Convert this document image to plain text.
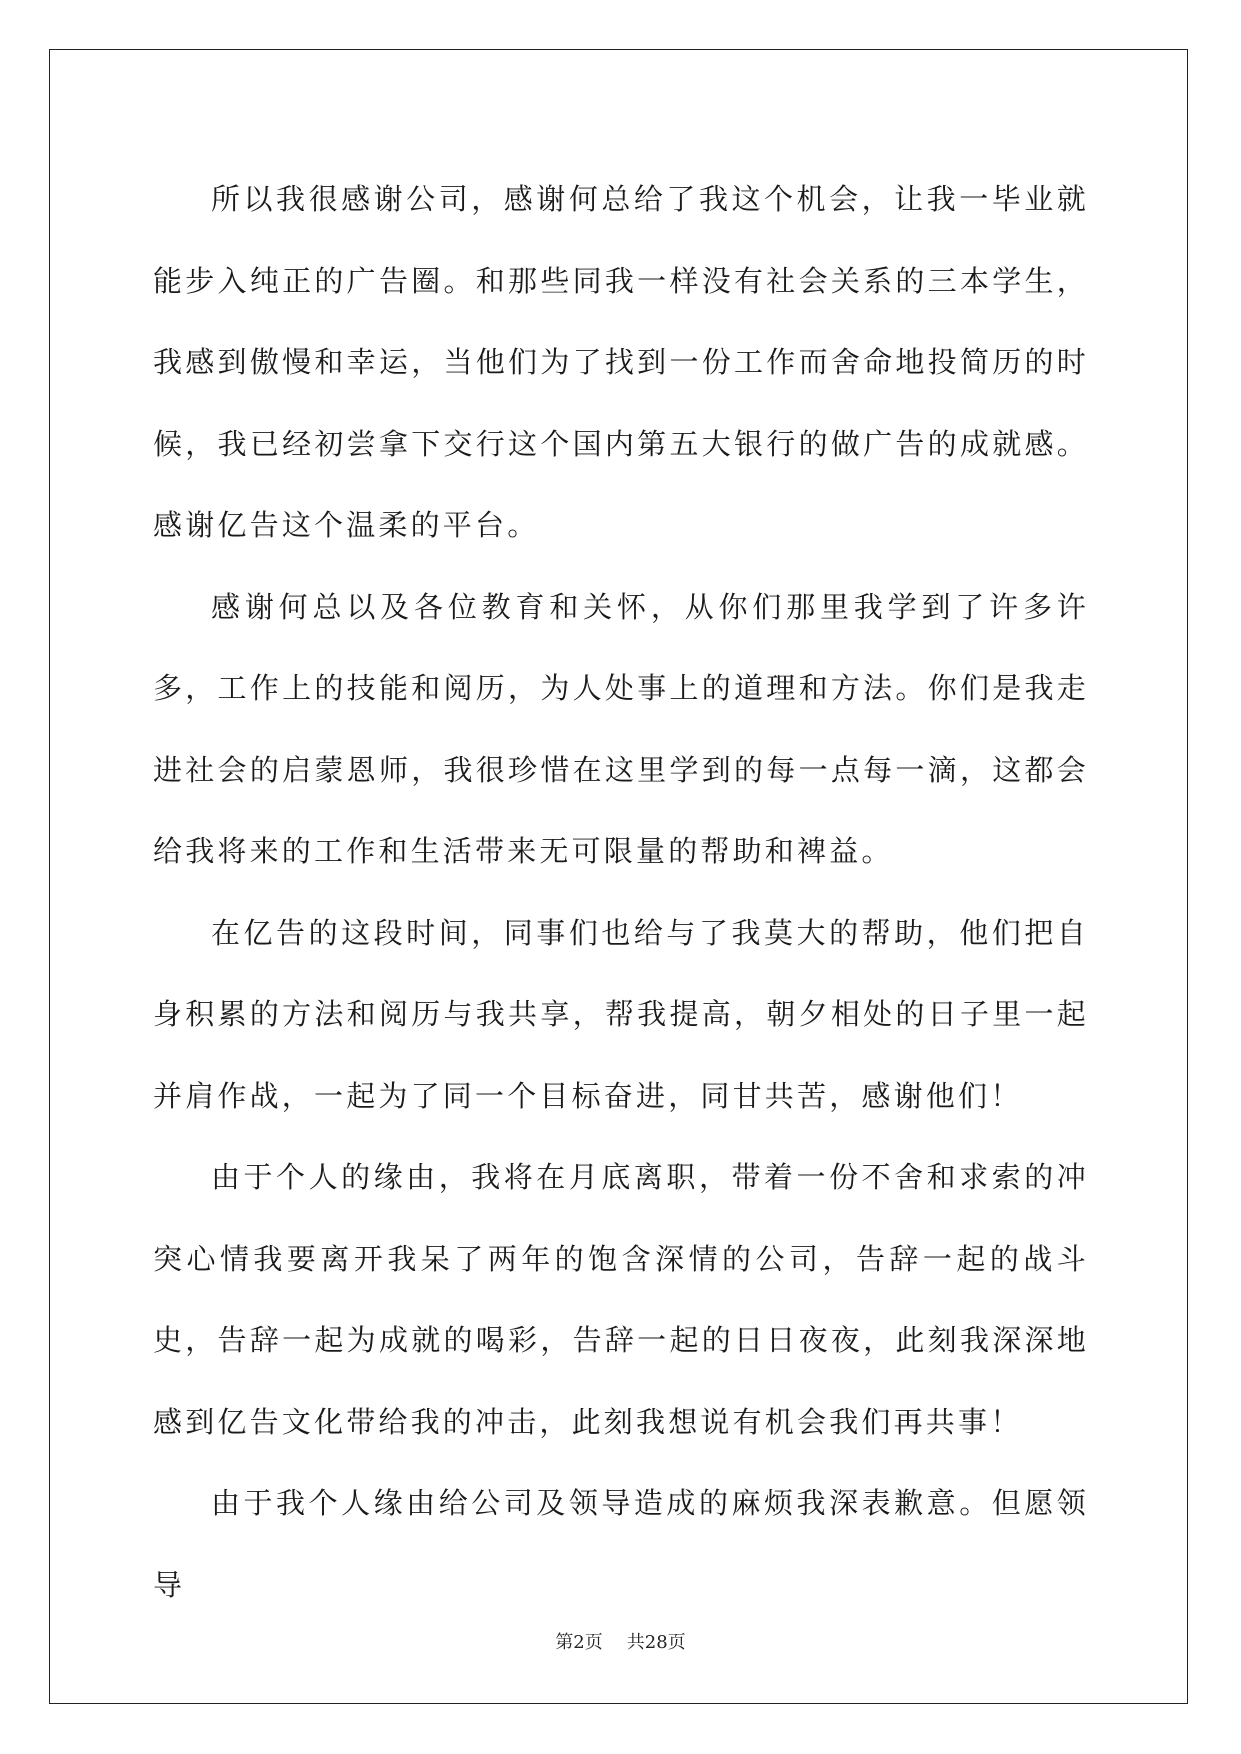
所以我很感谢公司，感谢何总给了我这个机会，让我一毕业就能步入纯正的广告圈。和那些同我一样没有社会关系的三本学生，我感到傲慢和幸运，当他们为了找到一份工作而舍命地投简历的时候，我已经初尝拿下交行这个国内第五大银行的做广告的成就感。感谢亿告这个温柔的平台。

感谢何总以及各位教育和关怀，从你们那里我学到了许多许多，工作上的技能和阅历，为人处事上的道理和方法。你们是我走进社会的启蒙恩师，我很珍惜在这里学到的每一点每一滴，这都会给我将来的工作和生活带来无可限量的帮助和裨益。

在亿告的这段时间，同事们也给与了我莫大的帮助，他们把自身积累的方法和阅历与我共享，帮我提高，朝夕相处的日子里一起并肩作战，一起为了同一个目标奋进，同甘共苦，感谢他们！

由于个人的缘由，我将在月底离职，带着一份不舍和求索的冲突心情我要离开我呆了两年的饱含深情的公司，告辞一起的战斗史，告辞一起为成就的喝彩，告辞一起的日日夜夜，此刻我深深地感到亿告文化带给我的冲击，此刻我想说有机会我们再共事！

由于我个人缘由给公司及领导造成的麻烦我深表歉意。但愿领导

第2页 共28页
